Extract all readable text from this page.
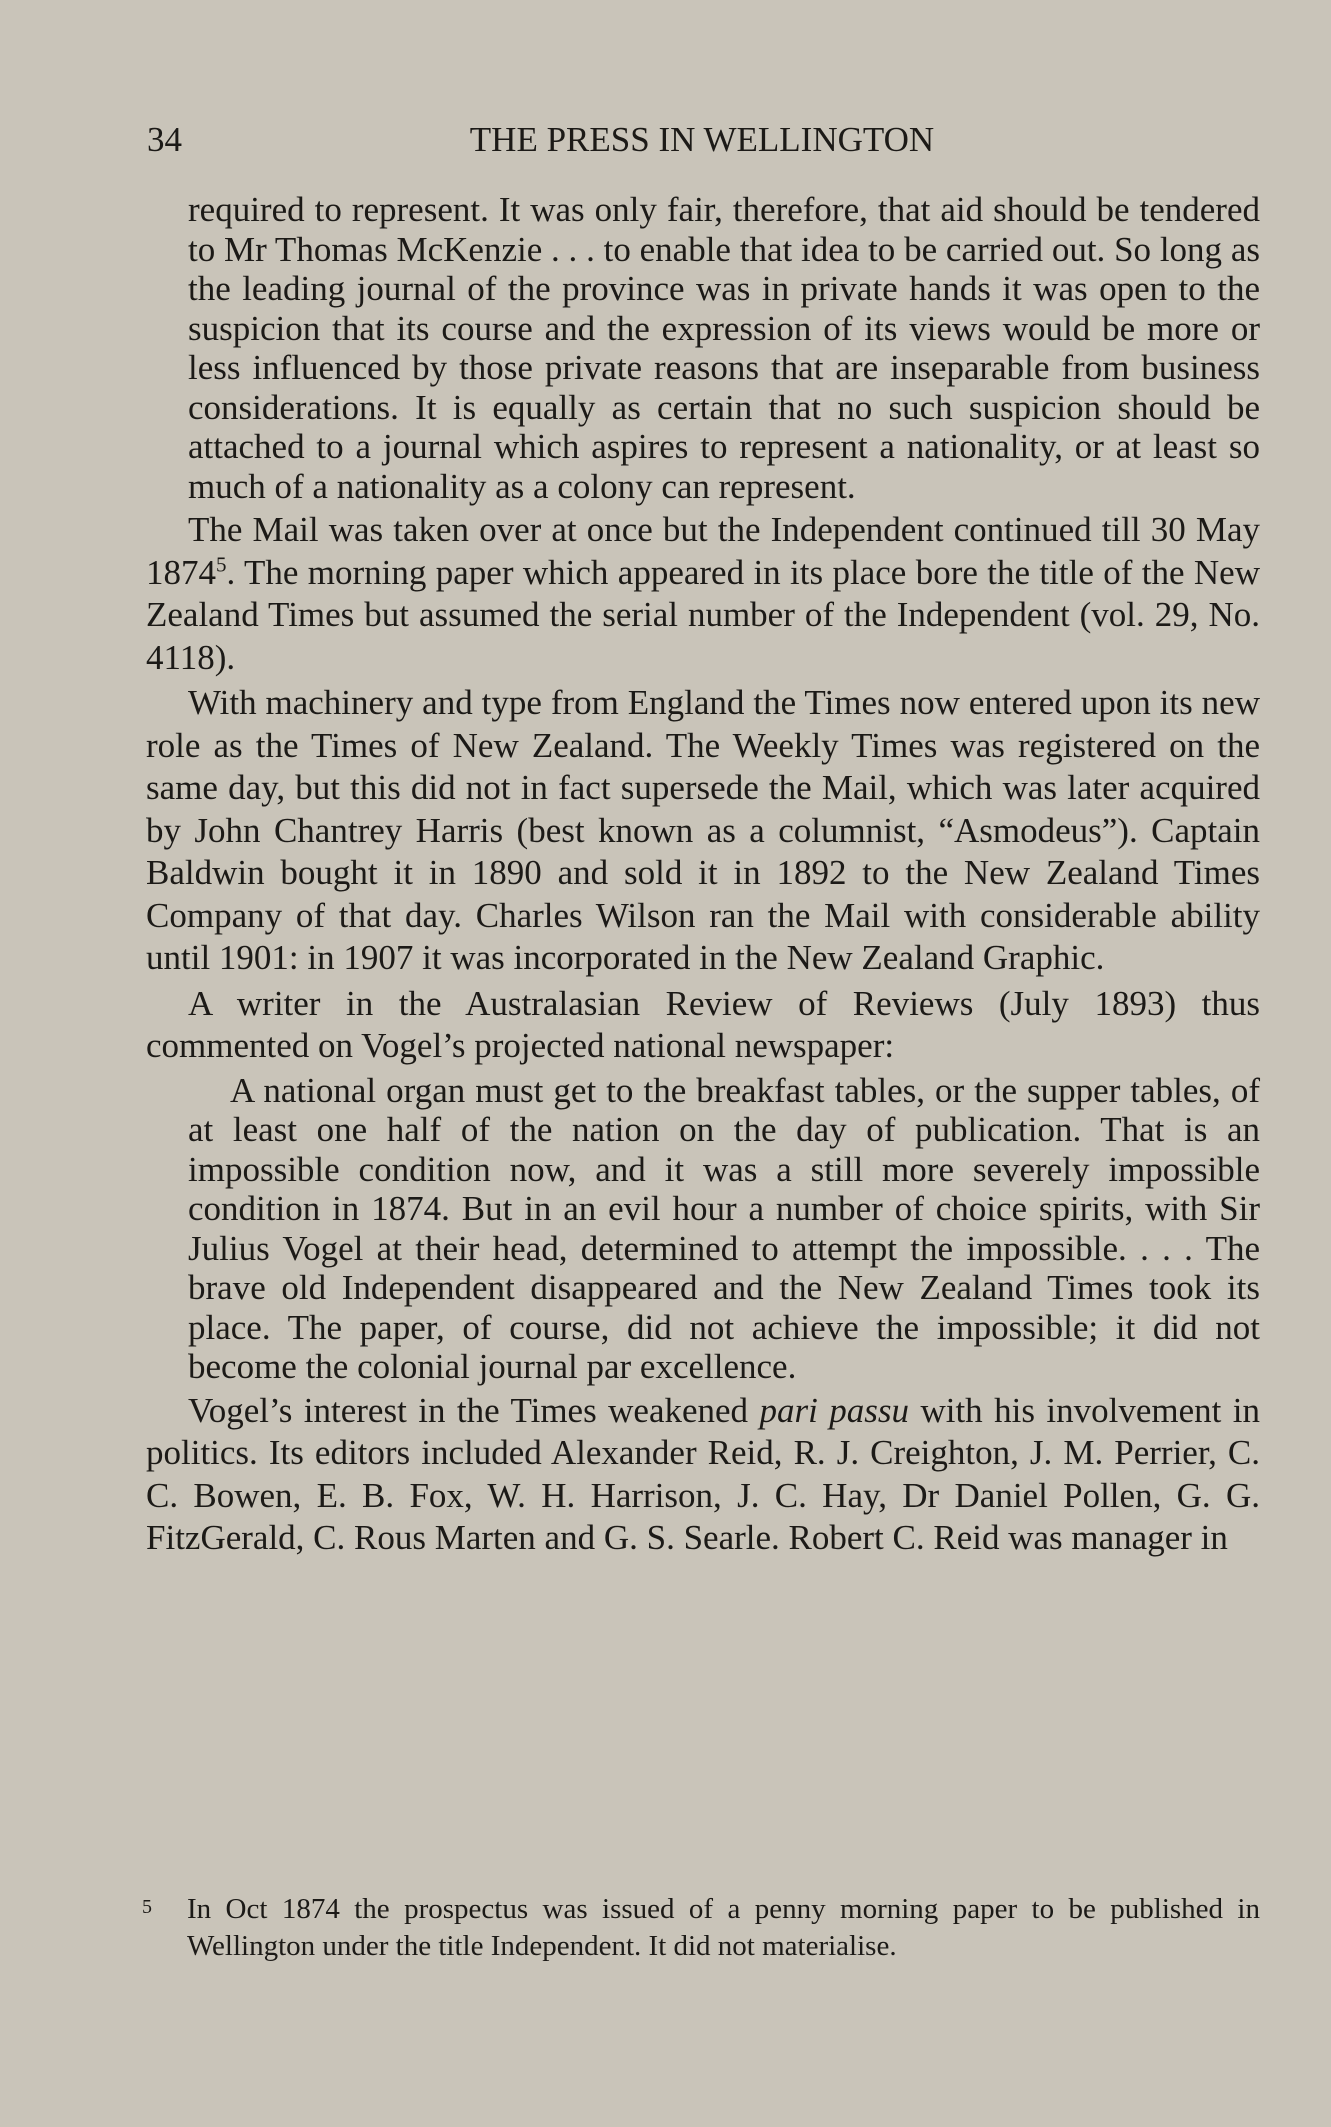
34	THE PRESS IN WELLINGTON

required to represent. It was only fair, therefore, that aid should be tendered to Mr Thomas McKenzie . . . to enable that idea to be carried out. So long as the leading journal of the province was in private hands it was open to the suspicion that its course and the expression of its views would be more or less influenced by those private reasons that are inseparable from business considerations. It is equally as certain that no such suspicion should be attached to a journal which aspires to represent a nationality, or at least so much of a nationality as a colony can represent.

The Mail was taken over at once but the Independent continued till 30 May 1874$^5$. The morning paper which appeared in its place bore the title of the New Zealand Times but assumed the serial number of the Independent (vol. 29, No. 4118).

With machinery and type from England the Times now entered upon its new role as the Times of New Zealand. The Weekly Times was registered on the same day, but this did not in fact supersede the Mail, which was later acquired by John Chantrey Harris (best known as a columnist, “Asmodeus”). Captain Baldwin bought it in 1890 and sold it in 1892 to the New Zealand Times Company of that day. Charles Wilson ran the Mail with considerable ability until 1901: in 1907 it was incorporated in the New Zealand Graphic.

A writer in the Australasian Review of Reviews (July 1893) thus commented on Vogel’s projected national newspaper:

A national organ must get to the breakfast tables, or the supper tables, of at least one half of the nation on the day of publication. That is an impossible condition now, and it was a still more severely impossible condition in 1874. But in an evil hour a number of choice spirits, with Sir Julius Vogel at their head, determined to attempt the impossible. . . . The brave old Independent disappeared and the New Zealand Times took its place. The paper, of course, did not achieve the impossible; it did not become the colonial journal par excellence.

Vogel’s interest in the Times weakened pari passu with his involvement in politics. Its editors included Alexander Reid, R. J. Creighton, J. M. Perrier, C. C. Bowen, E. B. Fox, W. H. Harrison, J. C. Hay, Dr Daniel Pollen, G. G. FitzGerald, C. Rous Marten and G. S. Searle. Robert C. Reid was manager in

5	In Oct 1874 the prospectus was issued of a penny morning paper to be published in Wellington under the title Independent. It did not materialise.
